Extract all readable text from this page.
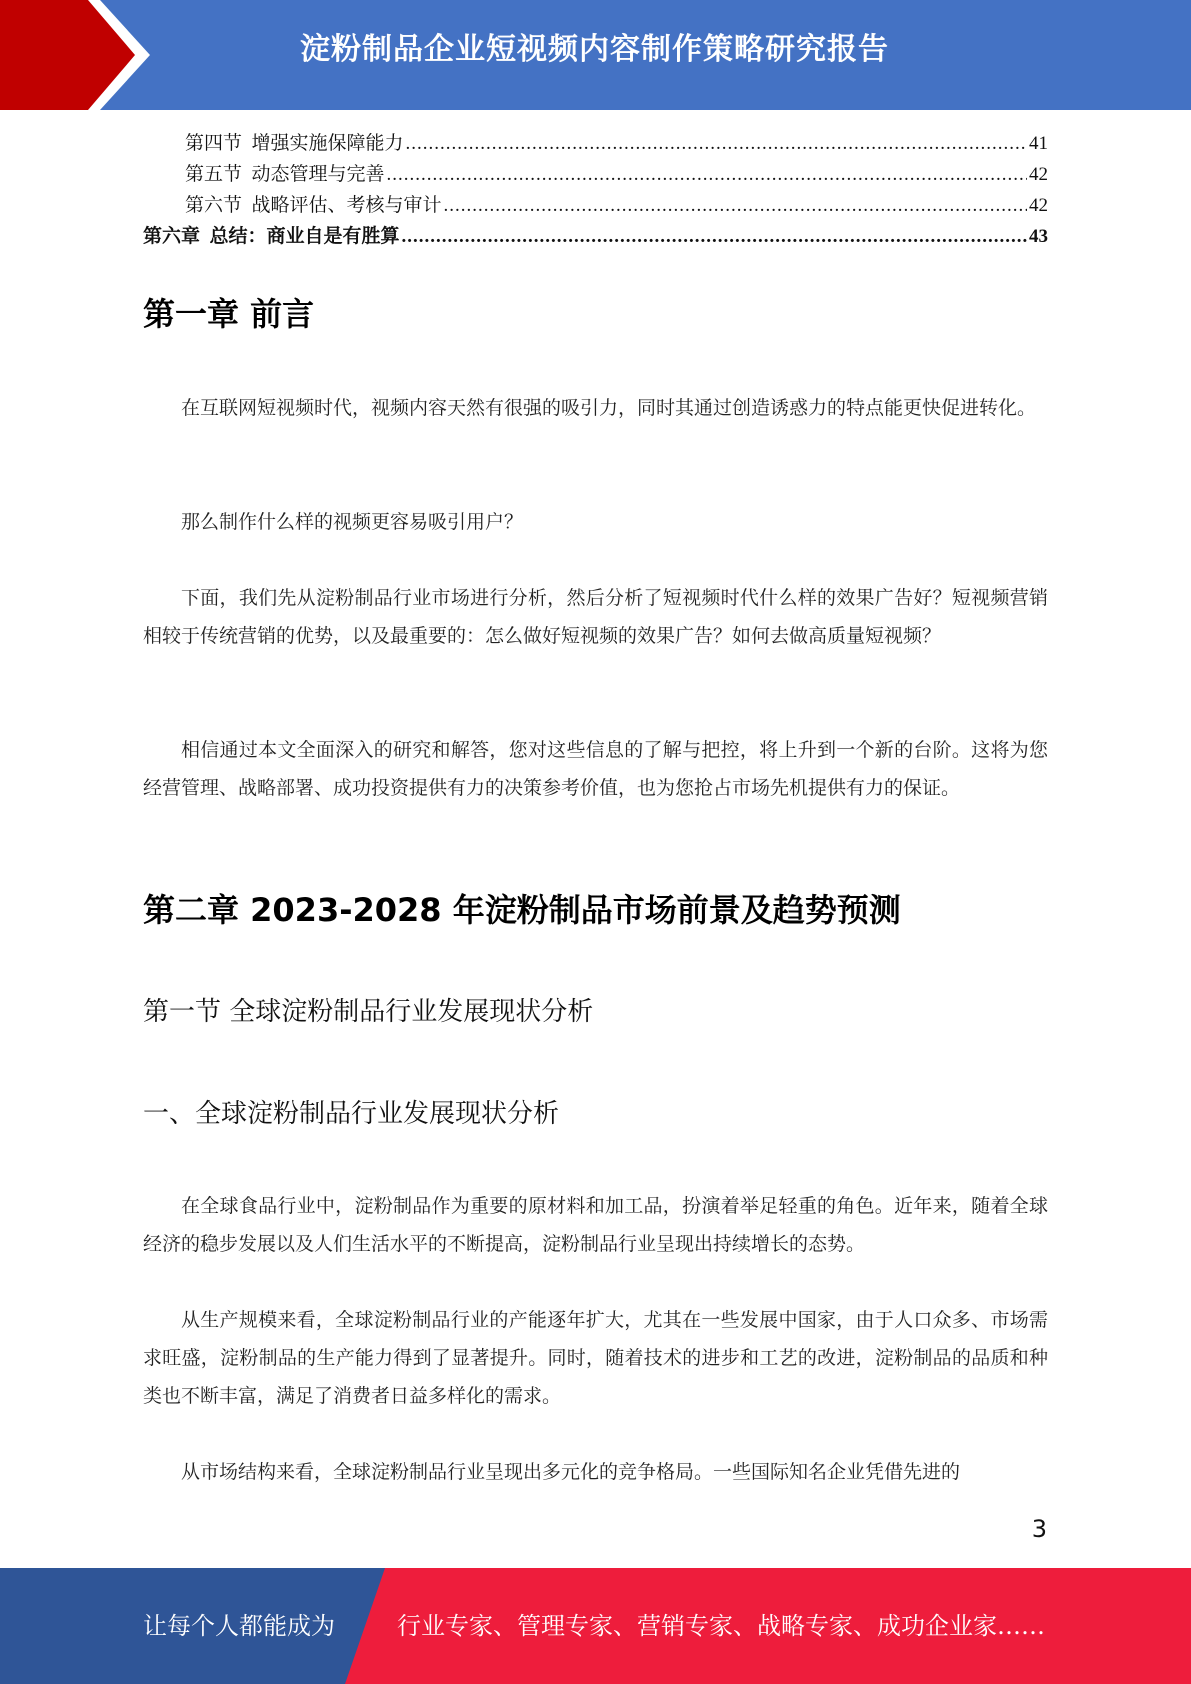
淀粉制品企业短视频内容制作策略研究报告
第四节  增强实施保障能力 .....	41
第五节  动态管理与完善 .....	42
第六节  战略评估、考核与审计 .....	42
第六章  总结：商业自是有胜算 .....	43
第一章 前言

在互联网短视频时代，视频内容天然有很强的吸引力，同时其通过创造诱惑力的特点能更快促进转化。

那么制作什么样的视频更容易吸引用户？

下面，我们先从淀粉制品行业市场进行分析，然后分析了短视频时代什么样的效果广告好？短视频营销相较于传统营销的优势，以及最重要的：怎么做好短视频的效果广告？如何去做高质量短视频？

相信通过本文全面深入的研究和解答，您对这些信息的了解与把控，将上升到一个新的台阶。这将为您经营管理、战略部署、成功投资提供有力的决策参考价值，也为您抢占市场先机提供有力的保证。

第二章 2023-2028 年淀粉制品市场前景及趋势预测
第一节 全球淀粉制品行业发展现状分析
一、全球淀粉制品行业发展现状分析

在全球食品行业中，淀粉制品作为重要的原材料和加工品，扮演着举足轻重的角色。近年来，随着全球经济的稳步发展以及人们生活水平的不断提高，淀粉制品行业呈现出持续增长的态势。

从生产规模来看，全球淀粉制品行业的产能逐年扩大，尤其在一些发展中国家，由于人口众多、市场需求旺盛，淀粉制品的生产能力得到了显著提升。同时，随着技术的进步和工艺的改进，淀粉制品的品质和种类也不断丰富，满足了消费者日益多样化的需求。

从市场结构来看，全球淀粉制品行业呈现出多元化的竞争格局。一些国际知名企业凭借先进的

3
让每个人都能成为	行业专家、管理专家、营销专家、战略专家、成功企业家……
